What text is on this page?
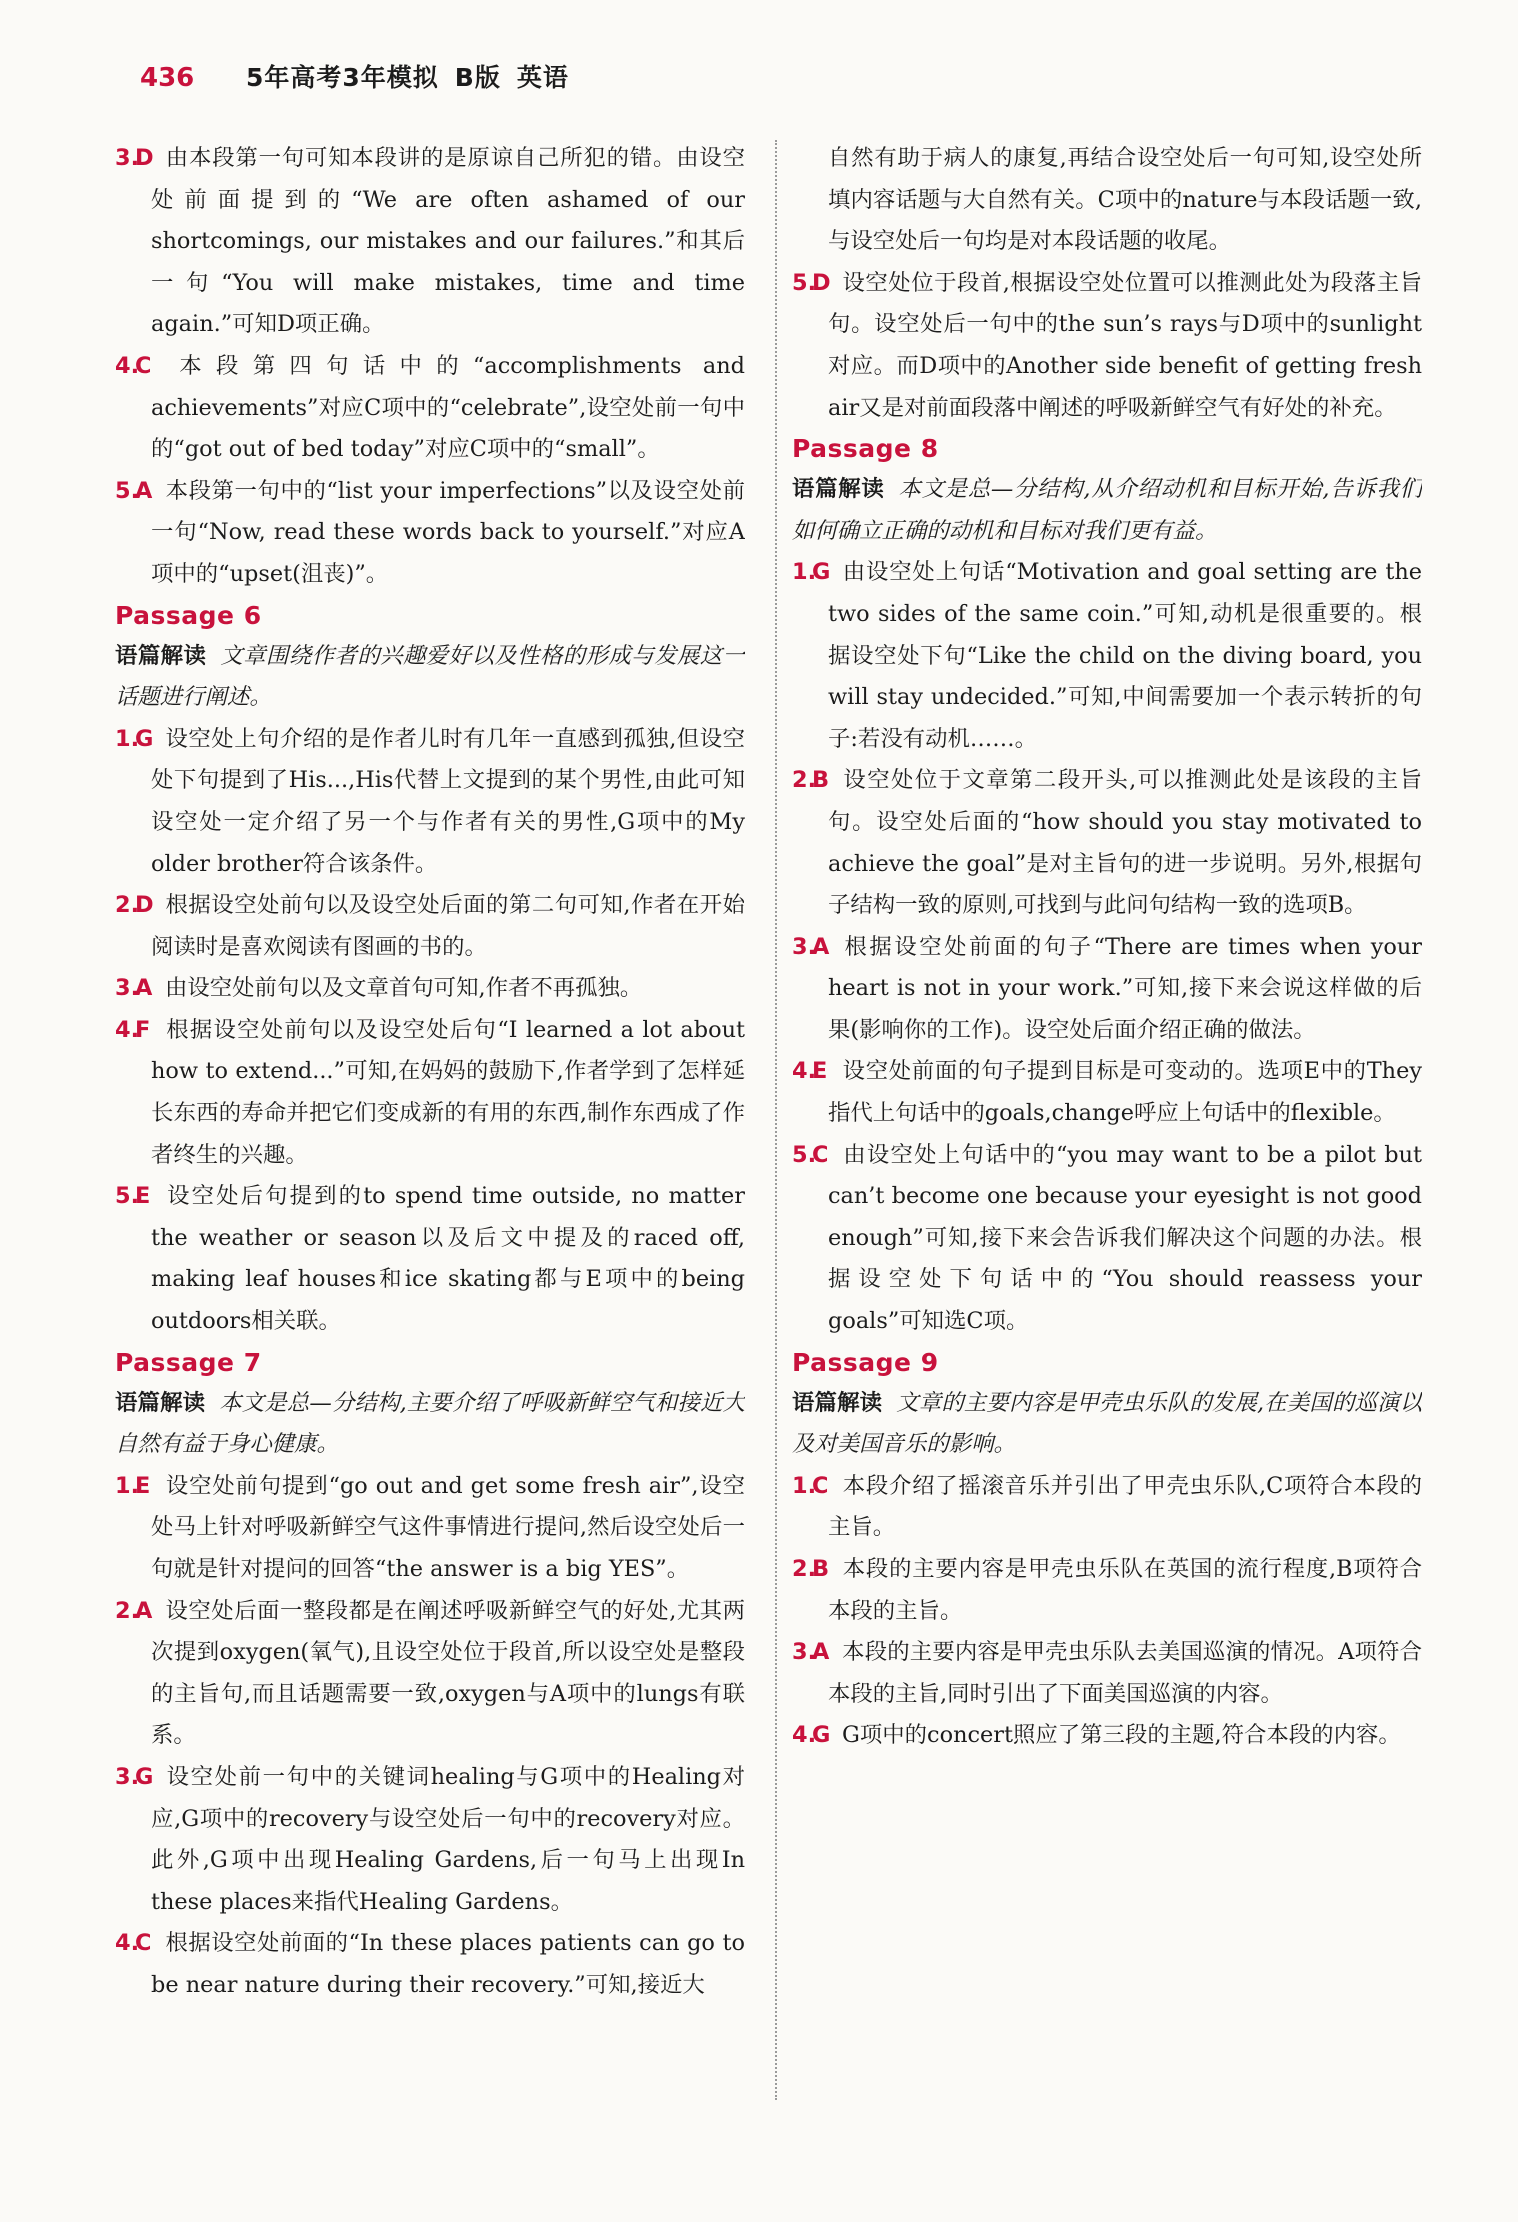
436	5年高考3年模拟 B版 英语

3.D 由本段第一句可知本段讲的是原谅自己所犯的错。由设空处前面提到的“We are often ashamed of our shortcomings, our mistakes and our failures.”和其后一句“You will make mistakes, time and time again.”可知D项正确。

4.C 本段第四句话中的“accomplishments and achievements”对应C项中的“celebrate”,设空处前一句中的“got out of bed today”对应C项中的“small”。

5.A 本段第一句中的“list your imperfections”以及设空处前一句“Now, read these words back to yourself.”对应A项中的“upset(沮丧)”。

Passage 6

语篇解读 文章围绕作者的兴趣爱好以及性格的形成与发展这一话题进行阐述。

1.G 设空处上句介绍的是作者儿时有几年一直感到孤独,但设空处下句提到了His...,His代替上文提到的某个男性,由此可知设空处一定介绍了另一个与作者有关的男性,G项中的My older brother符合该条件。

2.D 根据设空处前句以及设空处后面的第二句可知,作者在开始阅读时是喜欢阅读有图画的书的。

3.A 由设空处前句以及文章首句可知,作者不再孤独。

4.F 根据设空处前句以及设空处后句“I learned a lot about how to extend...”可知,在妈妈的鼓励下,作者学到了怎样延长东西的寿命并把它们变成新的有用的东西,制作东西成了作者终生的兴趣。

5.E 设空处后句提到的to spend time outside, no matter the weather or season以及后文中提及的raced off, making leaf houses和ice skating都与E项中的being outdoors相关联。

Passage 7

语篇解读 本文是总—分结构,主要介绍了呼吸新鲜空气和接近大自然有益于身心健康。

1.E 设空处前句提到“go out and get some fresh air”,设空处马上针对呼吸新鲜空气这件事情进行提问,然后设空处后一句就是针对提问的回答“the answer is a big YES”。

2.A 设空处后面一整段都是在阐述呼吸新鲜空气的好处,尤其两次提到oxygen(氧气),且设空处位于段首,所以设空处是整段的主旨句,而且话题需要一致,oxygen与A项中的lungs有联系。

3.G 设空处前一句中的关键词healing与G项中的Healing对应,G项中的recovery与设空处后一句中的recovery对应。此外,G项中出现Healing Gardens,后一句马上出现In these places来指代Healing Gardens。

4.C 根据设空处前面的“In these places patients can go to be near nature during their recovery.”可知,接近大

自然有助于病人的康复,再结合设空处后一句可知,设空处所填内容话题与大自然有关。C项中的nature与本段话题一致,与设空处后一句均是对本段话题的收尾。

5.D 设空处位于段首,根据设空处位置可以推测此处为段落主旨句。设空处后一句中的the sun’s rays与D项中的sunlight对应。而D项中的Another side benefit of getting fresh air又是对前面段落中阐述的呼吸新鲜空气有好处的补充。

Passage 8

语篇解读 本文是总—分结构,从介绍动机和目标开始,告诉我们如何确立正确的动机和目标对我们更有益。

1.G 由设空处上句话“Motivation and goal setting are the two sides of the same coin.”可知,动机是很重要的。根据设空处下句“Like the child on the diving board, you will stay undecided.”可知,中间需要加一个表示转折的句子:若没有动机……。

2.B 设空处位于文章第二段开头,可以推测此处是该段的主旨句。设空处后面的“how should you stay motivated to achieve the goal”是对主旨句的进一步说明。另外,根据句子结构一致的原则,可找到与此问句结构一致的选项B。

3.A 根据设空处前面的句子“There are times when your heart is not in your work.”可知,接下来会说这样做的后果(影响你的工作)。设空处后面介绍正确的做法。

4.E 设空处前面的句子提到目标是可变动的。选项E中的They指代上句话中的goals,change呼应上句话中的flexible。

5.C 由设空处上句话中的“you may want to be a pilot but can’t become one because your eyesight is not good enough”可知,接下来会告诉我们解决这个问题的办法。根据设空处下句话中的“You should reassess your goals”可知选C项。

Passage 9

语篇解读 文章的主要内容是甲壳虫乐队的发展,在美国的巡演以及对美国音乐的影响。

1.C 本段介绍了摇滚音乐并引出了甲壳虫乐队,C项符合本段的主旨。

2.B 本段的主要内容是甲壳虫乐队在英国的流行程度,B项符合本段的主旨。

3.A 本段的主要内容是甲壳虫乐队去美国巡演的情况。A项符合本段的主旨,同时引出了下面美国巡演的内容。

4.G G项中的concert照应了第三段的主题,符合本段的内容。
